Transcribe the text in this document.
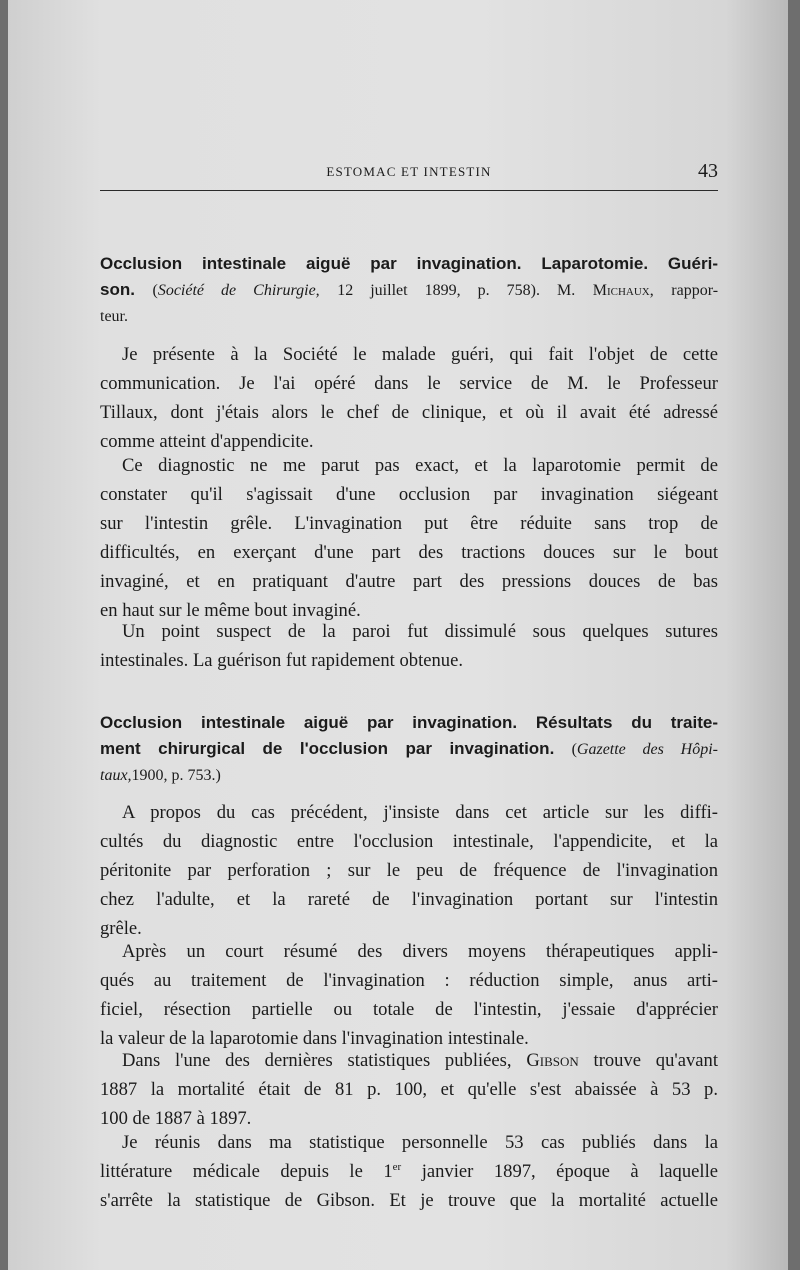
ESTOMAC ET INTESTIN	43
Occlusion intestinale aiguë par invagination. Laparotomie. Guéri-
son. (Société de Chirurgie, 12 juillet 1899, p. 758). M. Michaux, rappor-
teur.
Je présente à la Société le malade guéri, qui fait l'objet de cette
communication. Je l'ai opéré dans le service de M. le Professeur
Tillaux, dont j'étais alors le chef de clinique, et où il avait été adressé
comme atteint d'appendicite.
Ce diagnostic ne me parut pas exact, et la laparotomie permit de
constater qu'il s'agissait d'une occlusion par invagination siégeant
sur l'intestin grêle. L'invagination put être réduite sans trop de
difficultés, en exerçant d'une part des tractions douces sur le bout
invaginé, et en pratiquant d'autre part des pressions douces de bas
en haut sur le même bout invaginé.
Un point suspect de la paroi fut dissimulé sous quelques sutures
intestinales. La guérison fut rapidement obtenue.
Occlusion intestinale aiguë par invagination. Résultats du traite-
ment chirurgical de l'occlusion par invagination. (Gazette des Hôpi-
taux,1900, p. 753.)
A propos du cas précédent, j'insiste dans cet article sur les diffi-
cultés du diagnostic entre l'occlusion intestinale, l'appendicite, et la
péritonite par perforation ; sur le peu de fréquence de l'invagination
chez l'adulte, et la rareté de l'invagination portant sur l'intestin
grêle.
Après un court résumé des divers moyens thérapeutiques appli-
qués au traitement de l'invagination : réduction simple, anus arti-
ficiel, résection partielle ou totale de l'intestin, j'essaie d'apprécier
la valeur de la laparotomie dans l'invagination intestinale.
Dans l'une des dernières statistiques publiées, Gibson trouve qu'avant
1887 la mortalité était de 81 p. 100, et qu'elle s'est abaissée à 53 p.
100 de 1887 à 1897.
Je réunis dans ma statistique personnelle 53 cas publiés dans la
littérature médicale depuis le 1er janvier 1897, époque à laquelle
s'arrête la statistique de Gibson. Et je trouve que la mortalité actuelle
